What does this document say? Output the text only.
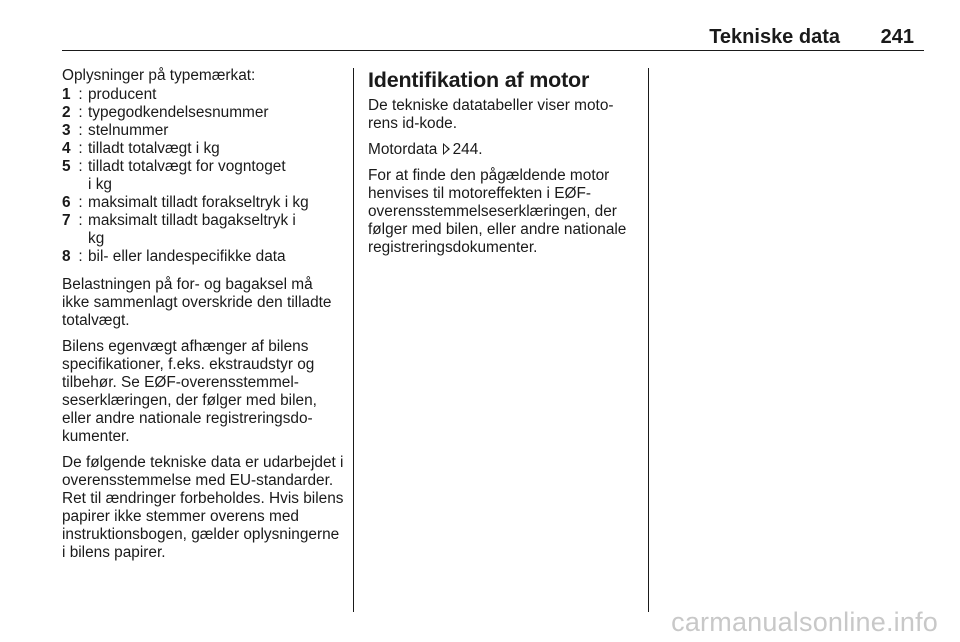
Tekniske data 241

Oplysninger på typemærkat:

1 : producent
2 : typegodkendelsesnummer
3 : stelnummer
4 : tilladt totalvægt i kg
5 : tilladt totalvægt for vogntoget i kg
6 : maksimalt tilladt forakseltryk i kg
7 : maksimalt tilladt bagakseltryk i kg
8 : bil- eller landespecifikke data

Belastningen på for- og bagaksel må ikke sammenlagt overskride den tilladte totalvægt.

Bilens egenvægt afhænger af bilens specifikationer, f.eks. ekstraudstyr og tilbehør. Se EØF-overensstemmelseserklæringen, der følger med bilen, eller andre nationale registreringsdokumenter.

De følgende tekniske data er udarbejdet i overensstemmelse med EU-standarder. Ret til ændringer forbeholdes. Hvis bilens papirer ikke stemmer overens med instruktionsbogen, gælder oplysningerne i bilens papirer.

Identifikation af motor

De tekniske datatabeller viser motorens id-kode.

Motordata 244.

For at finde den pågældende motor henvises til motoreffekten i EØF-overensstemmelseserklæringen, der følger med bilen, eller andre nationale registreringsdokumenter.

carmanualsonline.info
